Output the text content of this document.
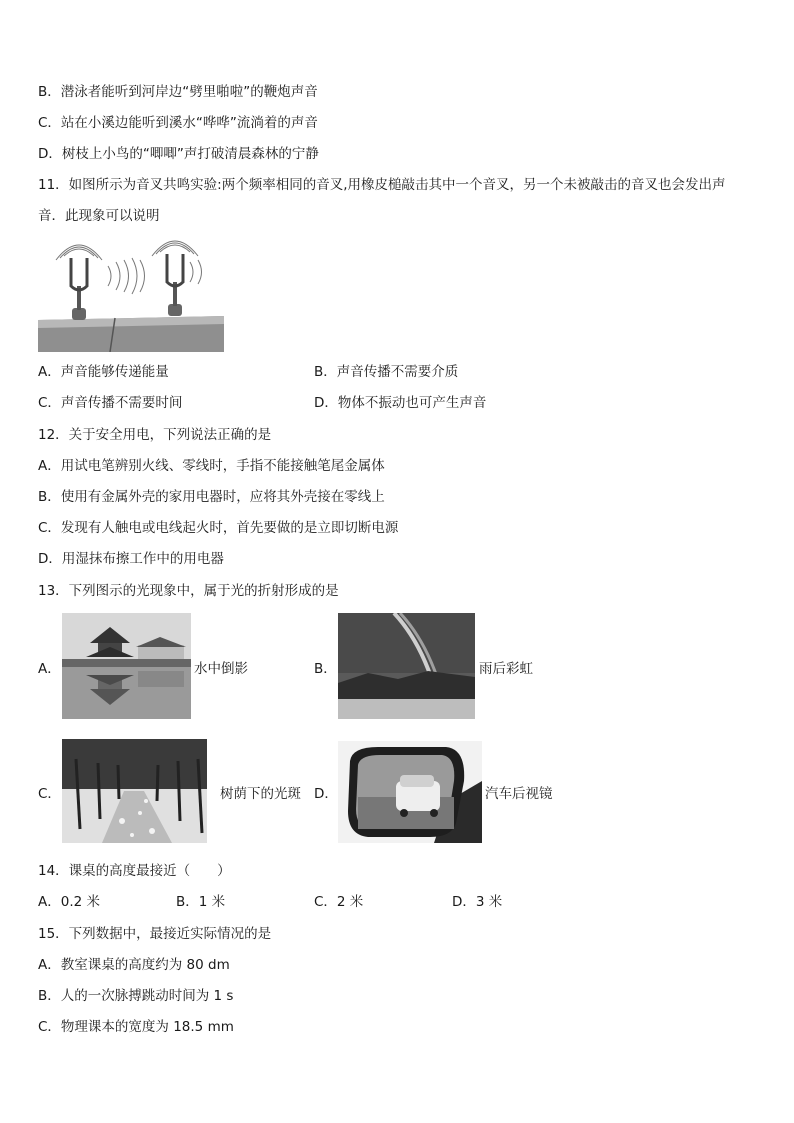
B．潜泳者能听到河岸边“劈里啪啦”的鞭炮声音
C．站在小溪边能听到溪水“哗哗”流淌着的声音
D．树枝上小鸟的“唧唧”声打破清晨森林的宁静
11．如图所示为音叉共鸣实验:两个频率相同的音叉,用橡皮槌敲击其中一个音叉，另一个未被敲击的音叉也会发出声
音．此现象可以说明
A．声音能够传递能量	B．声音传播不需要介质
C．声音传播不需要时间	D．物体不振动也可产生声音
12．关于安全用电，下列说法正确的是
A．用试电笔辨别火线、零线时，手指不能接触笔尾金属体
B．使用有金属外壳的家用电器时，应将其外壳接在零线上
C．发现有人触电或电线起火时，首先要做的是立即切断电源
D．用湿抹布擦工作中的用电器
13．下列图示的光现象中，属于光的折射形成的是
A．	水中倒影	B．	雨后彩虹
C．	树荫下的光斑 D．	汽车后视镜
14．课桌的高度最接近（　　）
A．0.2 米	B．1 米	C．2 米	D．3 米
15．下列数据中，最接近实际情况的是
A．教室课桌的高度约为 80 dm
B．人的一次脉搏跳动时间为 1 s
C．物理课本的宽度为 18.5 mm
